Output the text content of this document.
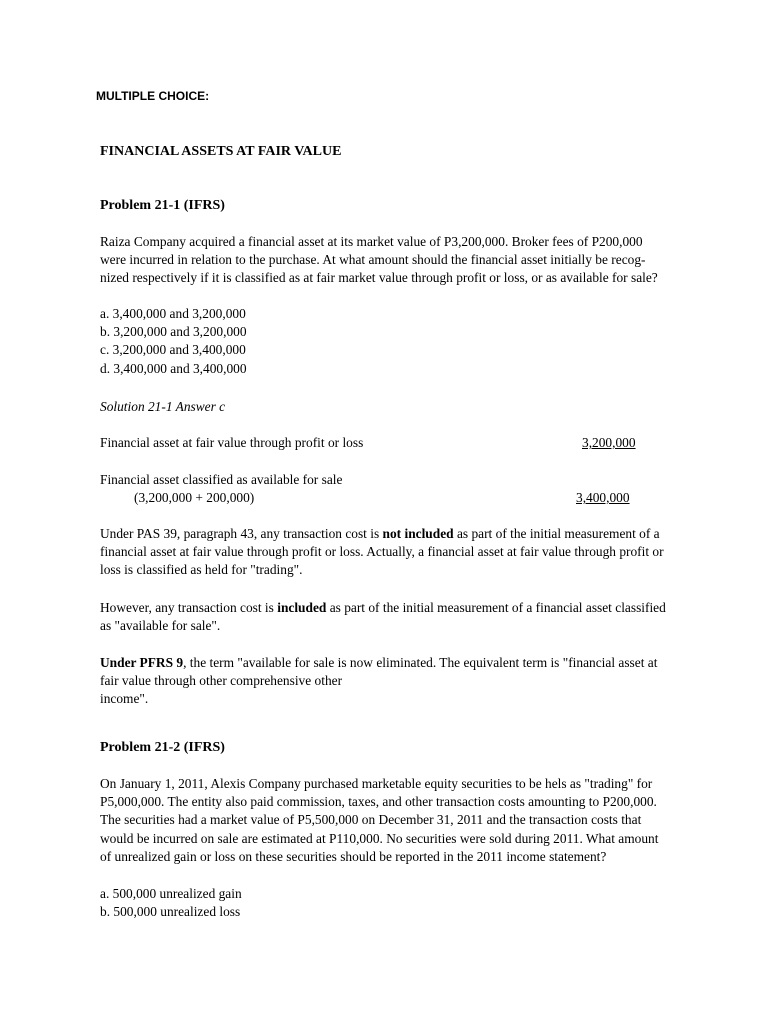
MULTIPLE CHOICE:
FINANCIAL ASSETS AT FAIR VALUE
Problem 21-1 (IFRS)
Raiza Company acquired a financial asset at its market value of P3,200,000. Broker fees of P200,000
were incurred in relation to the purchase. At what amount should the financial asset initially be recog-
nized respectively if it is classified as at fair market value through profit or loss, or as available for sale?
a. 3,400,000 and 3,200,000
b. 3,200,000 and 3,200,000
c. 3,200,000 and 3,400,000
d. 3,400,000 and 3,400,000
Solution 21-1 Answer c
Financial asset at fair value through profit or loss	3,200,000
Financial asset classified as available for sale
(3,200,000 + 200,000)	3,400,000
Under PAS 39, paragraph 43, any transaction cost is not included as part of the initial measurement of a
financial asset at fair value through profit or loss. Actually, a financial asset at fair value through profit or
loss is classified as held for "trading".
However, any transaction cost is included as part of the initial measurement of a financial asset classified
as "available for sale".
Under PFRS 9, the term "available for sale is now eliminated. The equivalent term is "financial asset at
fair value through other comprehensive other
income".
Problem 21-2 (IFRS)
On January 1, 2011, Alexis Company purchased marketable equity securities to be hels as "trading" for
P5,000,000. The entity also paid commission, taxes, and other transaction costs amounting to P200,000.
The securities had a market value of P5,500,000 on December 31, 2011 and the transaction costs that
would be incurred on sale are estimated at P110,000. No securities were sold during 2011. What amount
of unrealized gain or loss on these securities should be reported in the 2011 income statement?
a. 500,000 unrealized gain
b. 500,000 unrealized loss
